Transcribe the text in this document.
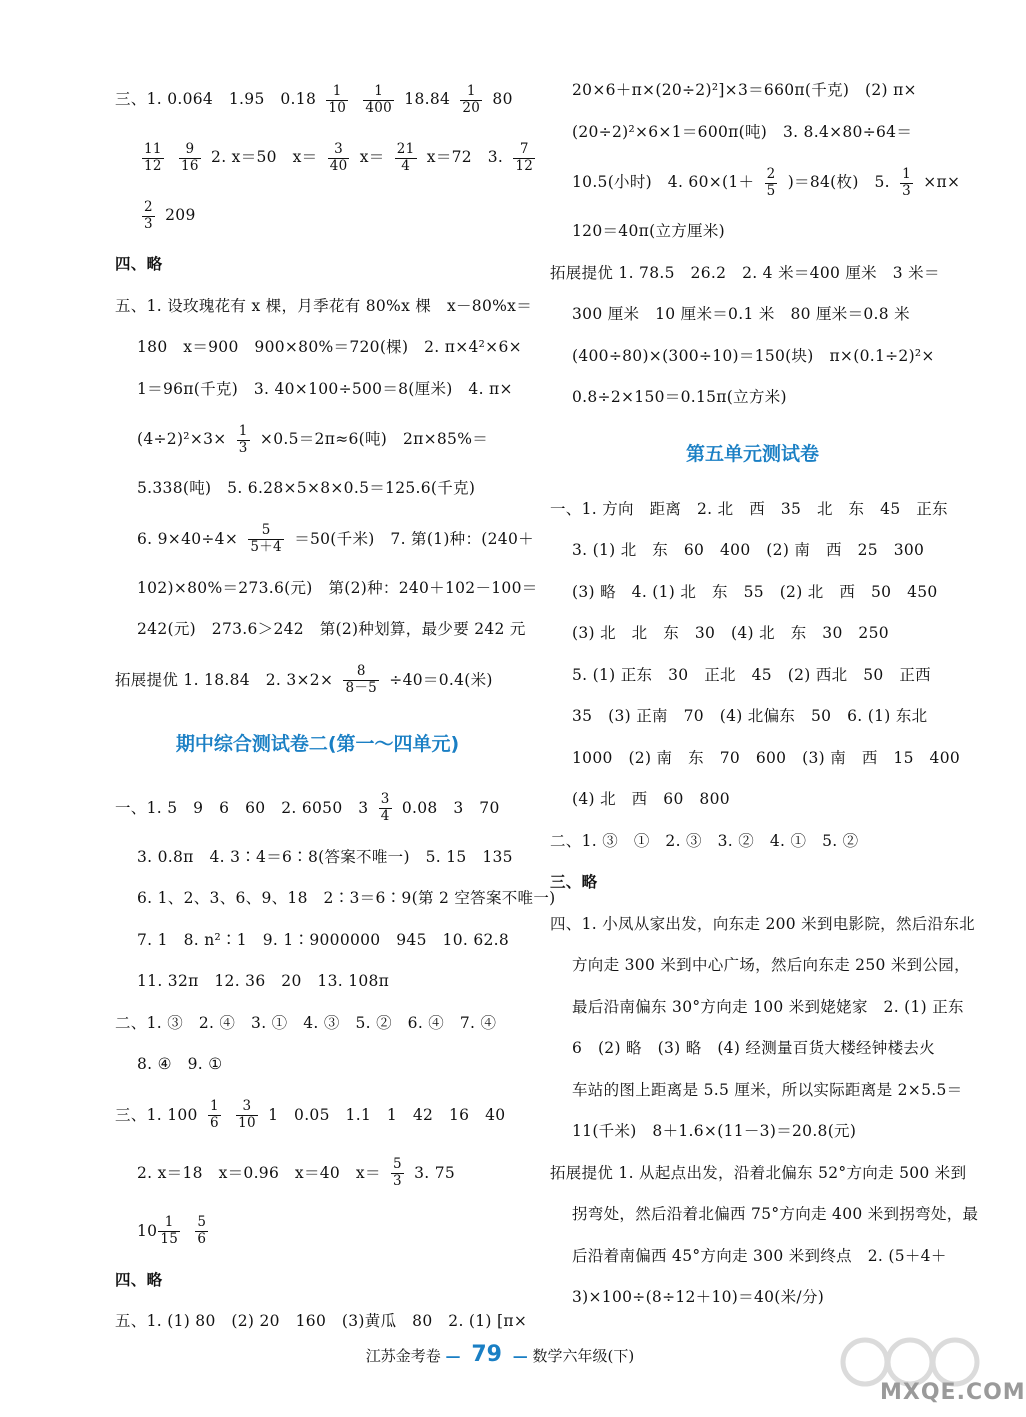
三、1. 0.064　1.95　$0.18 \frac{1}{10}$
$\frac{1}{400} 18.84 \frac{1}{20} 80$
$\frac{11}{12}$
$\frac{9}{16} 2$. x＝50　$x= \frac{3}{40} x= \frac{21}{4} x=72$　3. $\frac{7}{12}$
$\frac{2}{3} 209$
四、略
五、1. 设玫瑰花有 x 棵，月季花有 80%x 棵　x－80%x＝
180　x＝900　900×80%＝720(棵)　2. π×4²×6×
1＝96π(千克)　3. 40×100÷500＝8(厘米)　4. π×
$(4\div 2)^2\times 3\times \frac{1}{3} \times 0.5=2\pi\approx 6$(吨)　2π×85%＝
5.338(吨)　5. 6.28×5×8×0.5＝125.6(千克)
6. $9\times 40\div 4\times \frac{5}{5+4} =50$(千米)　7. 第(1)种：(240＋
102)×80%＝273.6(元)　第(2)种：240＋102－100＝
242(元)　273.6＞242　第(2)种划算，最少要 242 元
拓展提优 1. 18.84　2. $3\times 2\times \frac{8}{8-5} \div 40=0.4$(米)
期中综合测试卷二(第一～四单元)
一、1. 5　9　6　60　2. 6050　$3 \frac{3}{4} 0.08$　3　70
3. 0.8π　4. 3∶4＝6∶8(答案不唯一)　5. 15　135
6. 1、2、3、6、9、18　2∶3＝6∶9(第 2 空答案不唯一)
7. 1　8. n²∶1　9. 1∶9000000　945　10. 62.8
11. 32π　12. 36　20　13. 108π
二、1. ③　2. ④　3. ①　4. ③　5. ②　6. ④　7. ④
8. ④　9. ①
三、1. $100 \frac{1}{6}$
$\frac{3}{10} 1$　0.05　1.1　1　42　16　40
2. x＝18　x＝0.96　x＝40　$x= \frac{5}{3} 3$. 75
$10 \frac{1}{15}$
$\frac{5}{6}$
四、略
五、1. (1) 80　(2) 20　160　(3)黄瓜　80　2. (1) [π×
20×6＋π×(20÷2)²]×3＝660π(千克)　(2) π×
(20÷2)²×6×1＝600π(吨)　3. 8.4×80÷64＝
10.5(小时)　4. $60\times(1+ \frac{2}{5} )=84$(枚)　5. $\frac{1}{3} \times\pi\times$
120＝40π(立方厘米)
拓展提优 1. 78.5　26.2　2. 4 米＝400 厘米　3 米＝
300 厘米　10 厘米＝0.1 米　80 厘米＝0.8 米
(400÷80)×(300÷10)＝150(块)　π×(0.1÷2)²×
0.8÷2×150＝0.15π(立方米)
第五单元测试卷
一、1. 方向　距离　2. 北　西　35　北　东　45　正东
3. (1) 北　东　60　400　(2) 南　西　25　300
(3) 略　4. (1) 北　东　55　(2) 北　西　50　450
(3) 北　北　东　30　(4) 北　东　30　250
5. (1) 正东　30　正北　45　(2) 西北　50　正西
35　(3) 正南　70　(4) 北偏东　50　6. (1) 东北
1000　(2) 南　东　70　600　(3) 南　西　15　400
(4) 北　西　60　800
二、1. ③　①　2. ③　3. ②　4. ①　5. ②
三、略
四、1. 小凤从家出发，向东走 200 米到电影院，然后沿东北
方向走 300 米到中心广场，然后向东走 250 米到公园，
最后沿南偏东 30°方向走 100 米到姥姥家　2. (1) 正东
6　(2) 略　(3) 略　(4) 经测量百货大楼经钟楼去火
车站的图上距离是 5.5 厘米，所以实际距离是 2×5.5＝
11(千米)　8＋1.6×(11－3)＝20.8(元)
拓展提优 1. 从起点出发，沿着北偏东 52°方向走 500 米到
拐弯处，然后沿着北偏西 75°方向走 400 米到拐弯处，最
后沿着南偏西 45°方向走 300 米到终点　2. (5＋4＋
3)×100÷(8÷12＋10)＝40(米/分)
江苏金考卷 — 79 — 数学六年级(下)
MXQE.COM
